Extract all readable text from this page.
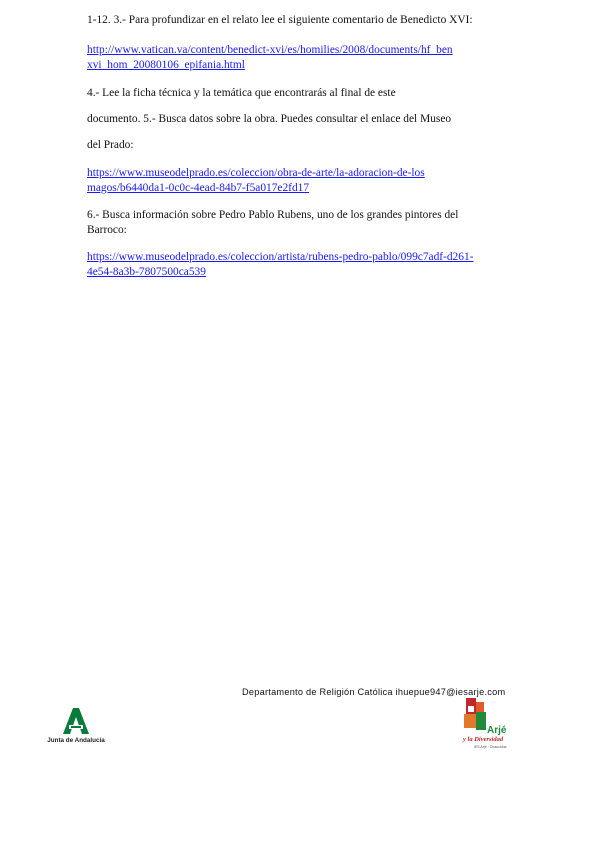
1-12. 3.- Para profundizar en el relato lee el siguiente comentario de Benedicto XVI:

http://www.vatican.va/content/benedict-xvi/es/homilies/2008/documents/hf_ben
xvi_hom_20080106_epifania.html

4.- Lee la ficha técnica y la temática que encontrarás al final de este

documento. 5.- Busca datos sobre la obra. Puedes consultar el enlace del Museo

del Prado:

https://www.museodelprado.es/coleccion/obra-de-arte/la-adoracion-de-los
magos/b6440da1-0c0c-4ead-84b7-f5a017e2fd17

6.- Busca información sobre Pedro Pablo Rubens, uno de los grandes pintores del
Barroco:

https://www.museodelprado.es/coleccion/artista/rubens-pedro-pablo/099c7adf-d261-
4e54-8a3b-7807500ca539

Departamento de Religión Católica ihuepue947@iesarje.com
Junta de Andalucía
Arjé
y la Diversidad
IES Arjé · Chauchina
